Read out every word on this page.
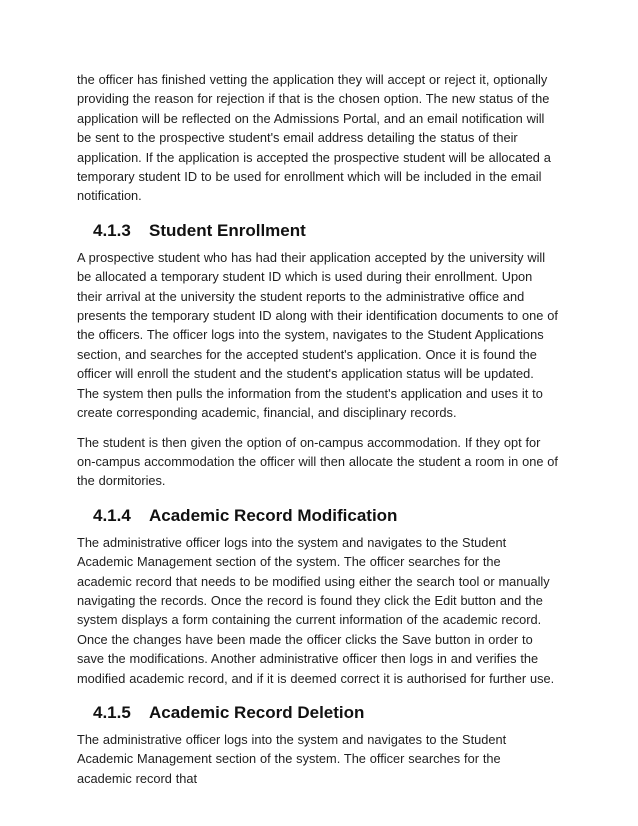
the officer has finished vetting the application they will accept or reject it, optionally providing the reason for rejection if that is the chosen option. The new status of the application will be reflected on the Admissions Portal, and an email notification will be sent to the prospective student's email address detailing the status of their application. If the application is accepted the prospective student will be allocated a temporary student ID to be used for enrollment which will be included in the email notification.

4.1.3	Student Enrollment

A prospective student who has had their application accepted by the university will be allocated a temporary student ID which is used during their enrollment. Upon their arrival at the university the student reports to the administrative office and presents the temporary student ID along with their identification documents to one of the officers. The officer logs into the system, navigates to the Student Applications section, and searches for the accepted student's application. Once it is found the officer will enroll the student and the student's application status will be updated. The system then pulls the information from the student's application and uses it to create corresponding academic, financial, and disciplinary records.

The student is then given the option of on-campus accommodation. If they opt for on-campus accommodation the officer will then allocate the student a room in one of the dormitories.

4.1.4	Academic Record Modification

The administrative officer logs into the system and navigates to the Student Academic Management section of the system. The officer searches for the academic record that needs to be modified using either the search tool or manually navigating the records. Once the record is found they click the Edit button and the system displays a form containing the current information of the academic record. Once the changes have been made the officer clicks the Save button in order to save the modifications. Another administrative officer then logs in and verifies the modified academic record, and if it is deemed correct it is authorised for further use.

4.1.5	Academic Record Deletion

The administrative officer logs into the system and navigates to the Student Academic Management section of the system. The officer searches for the academic record that
